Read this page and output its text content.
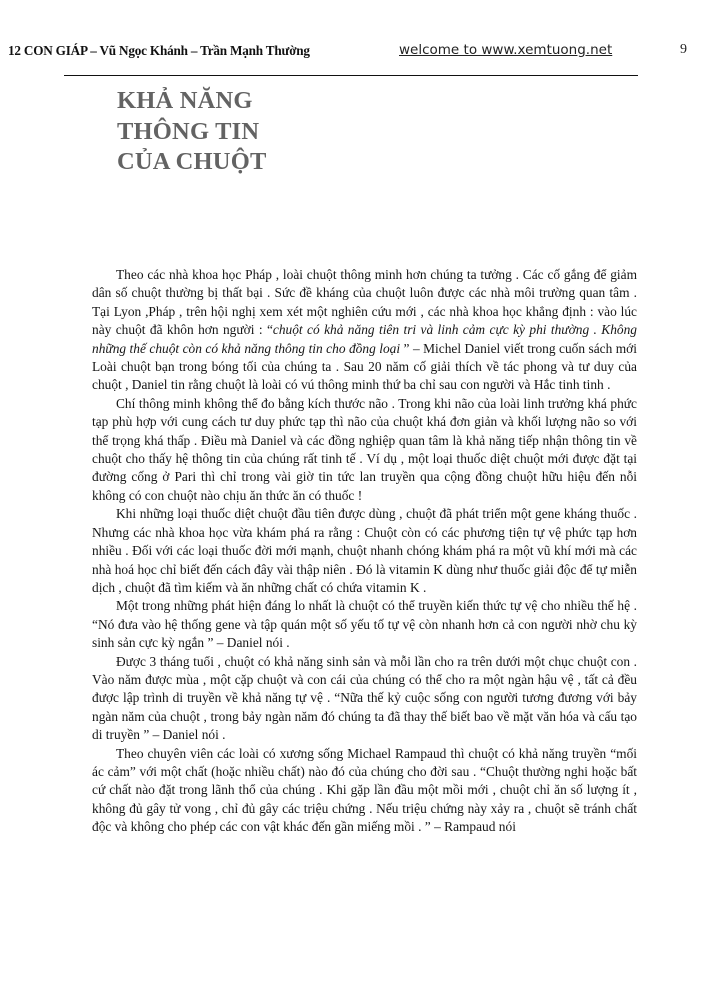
12 CON GIÁP – Vũ Ngọc Khánh – Trần Mạnh Thường	welcome to www.xemtuong.net	9
KHẢ NĂNG
THÔNG TIN
CỦA CHUỘT

Theo các nhà khoa học Pháp , loài chuột thông minh hơn chúng ta tưởng . Các cố gắng để giảm dân số chuột thường bị thất bại . Sức đề kháng của chuột luôn được các nhà môi trường quan tâm . Tại Lyon ,Pháp , trên hội nghị xem xét một nghiên cứu mới , các nhà khoa học khẳng định : vào lúc này chuột đã khôn hơn người : “chuột có khả năng tiên tri và linh cảm cực kỳ phi thường . Không những thế chuột còn có khả năng thông tin cho đồng loại ” – Michel Daniel viết trong cuốn sách mới Loài chuột bạn trong bóng tối của chúng ta . Sau 20 năm cố giải thích về tác phong và tư duy của chuột , Daniel tin rằng chuột là loài có vú thông minh thứ ba chỉ sau con người và Hắc tinh tinh .

Chí thông minh không thể đo bằng kích thước não . Trong khi não của loài linh trưởng khá phức tạp phù hợp với cung cách tư duy phức tạp thì não của chuột khá đơn giản và khối lượng não so với thể trọng khá thấp . Điều mà Daniel và các đồng nghiệp quan tâm là khả năng tiếp nhận thông tin về chuột cho thấy hệ thông tin của chúng rất tinh tế . Ví dụ , một loại thuốc diệt chuột mới được đặt tại đường cống ở Pari thì chỉ trong vài giờ tin tức lan truyền qua cộng đồng chuột hữu hiệu đến nỗi không có con chuột nào chịu ăn thức ăn có thuốc !

Khi những loại thuốc diệt chuột đầu tiên được dùng , chuột đã phát triển một gene kháng thuốc . Nhưng các nhà khoa học vừa khám phá ra rằng : Chuột còn có các phương tiện tự vệ phức tạp hơn nhiều . Đối với các loại thuốc đời mới mạnh, chuột nhanh chóng khám phá ra một vũ khí mới mà các nhà hoá học chỉ biết đến cách đây vài thập niên . Đó là vitamin K dùng như thuốc giải độc để tự miễn dịch , chuột đã tìm kiếm và ăn những chất có chứa vitamin K .

Một trong những phát hiện đáng lo nhất là chuột có thể truyền kiến thức tự vệ cho nhiều thế hệ . “Nó đưa vào hệ thống gene và tập quán một số yếu tố tự vệ còn nhanh hơn cả con người nhờ chu kỳ sinh sản cực kỳ ngắn ” – Daniel nói .

Được 3 tháng tuổi , chuột có khả năng sinh sản và mỗi lần cho ra trên dưới một chục chuột con . Vào năm được mùa , một cặp chuột và con cái của chúng có thể cho ra một ngàn hậu vệ , tất cả đều được lập trình di truyền về khả năng tự vệ . “Nữa thế kỷ cuộc sống con người tương đương với bảy ngàn năm của chuột , trong bảy ngàn năm đó chúng ta đã thay thế biết bao về mặt văn hóa và cấu tạo di truyền ” – Daniel nói .

Theo chuyên viên các loài có xương sống Michael Rampaud thì chuột có khả năng truyền “mối ác cảm” với một chất (hoặc nhiều chất) nào đó của chúng cho đời sau . “Chuột thường nghi hoặc bất cứ chất nào đặt trong lãnh thổ của chúng . Khi gặp lần đầu một mồi mới , chuột chỉ ăn số lượng ít , không đủ gây tử vong , chỉ đủ gây các triệu chứng . Nếu triệu chứng này xảy ra , chuột sẽ tránh chất độc và không cho phép các con vật khác đến gần miếng mồi . ” – Rampaud nói
